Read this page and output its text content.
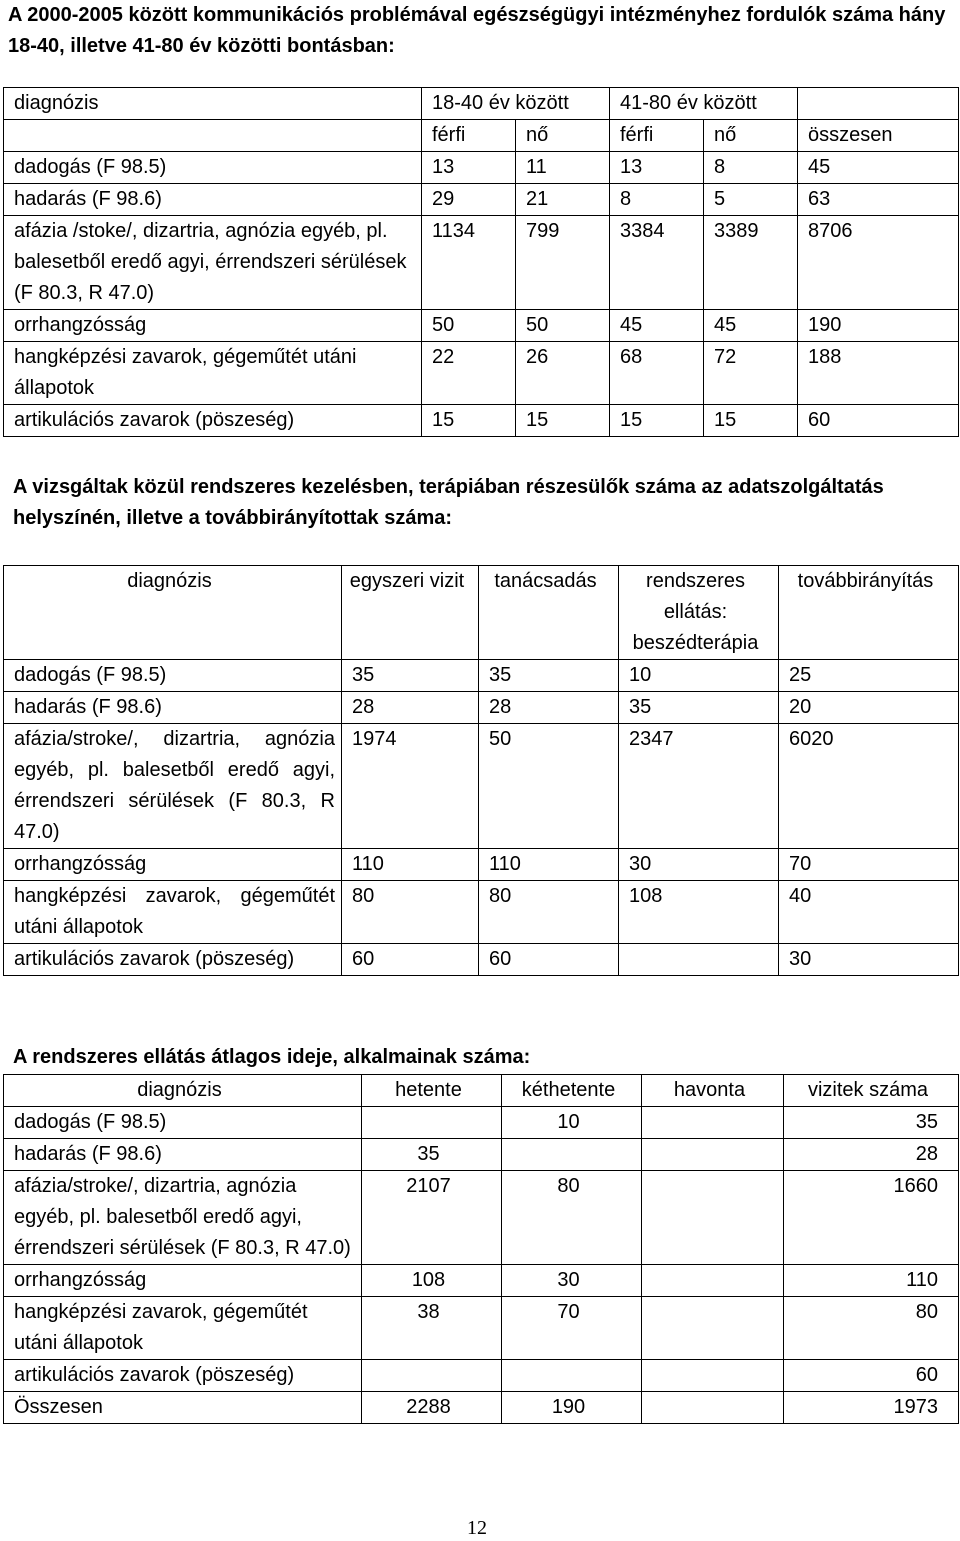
A 2000-2005 között kommunikációs problémával egészségügyi intézményhez fordulók száma hány 18-40, illetve 41-80 év közötti bontásban:
diagnózis	18-40 év között		41-80 év között		
	férfi	nő	férfi	nő	összesen
dadogás (F 98.5)	13	11	13	8	45
hadarás (F 98.6)	29	21	8	5	63
afázia /stoke/, dizartria, agnózia egyéb, pl. balesetből eredő agyi, érrendszeri sérülések (F 80.3, R 47.0)	1134	799	3384	3389	8706
orrhangzósság	50	50	45	45	190
hangképzési zavarok, gégeműtét utáni állapotok	22	26	68	72	188
artikulációs zavarok (pöszeség)	15	15	15	15	60
A vizsgáltak közül rendszeres kezelésben, terápiában részesülők száma az adatszolgáltatás helyszínén, illetve a továbbirányítottak száma:
diagnózis	egyszeri vizit	tanácsadás	rendszeres ellátás: beszédterápia	továbbirányítás
dadogás (F 98.5)	35	35	10	25
hadarás (F 98.6)	28	28	35	20
afázia/stroke/, dizartria, agnózia egyéb, pl. balesetből eredő agyi, érrendszeri sérülések (F 80.3, R 47.0)	1974	50	2347	6020
orrhangzósság	110	110	30	70
hangképzési zavarok, gégeműtét utáni állapotok	80	80	108	40
artikulációs zavarok (pöszeség)	60	60		30
A rendszeres ellátás átlagos ideje, alkalmainak száma:
diagnózis	hetente	kéthetente	havonta	vizitek száma
dadogás (F 98.5)		10		35
hadarás (F 98.6)	35			28
afázia/stroke/, dizartria, agnózia egyéb, pl. balesetből eredő agyi, érrendszeri sérülések (F 80.3, R 47.0)	2107	80		1660
orrhangzósság	108	30		110
hangképzési zavarok, gégeműtét utáni állapotok	38	70		80
artikulációs zavarok (pöszeség)				60
Összesen	2288	190		1973
12
